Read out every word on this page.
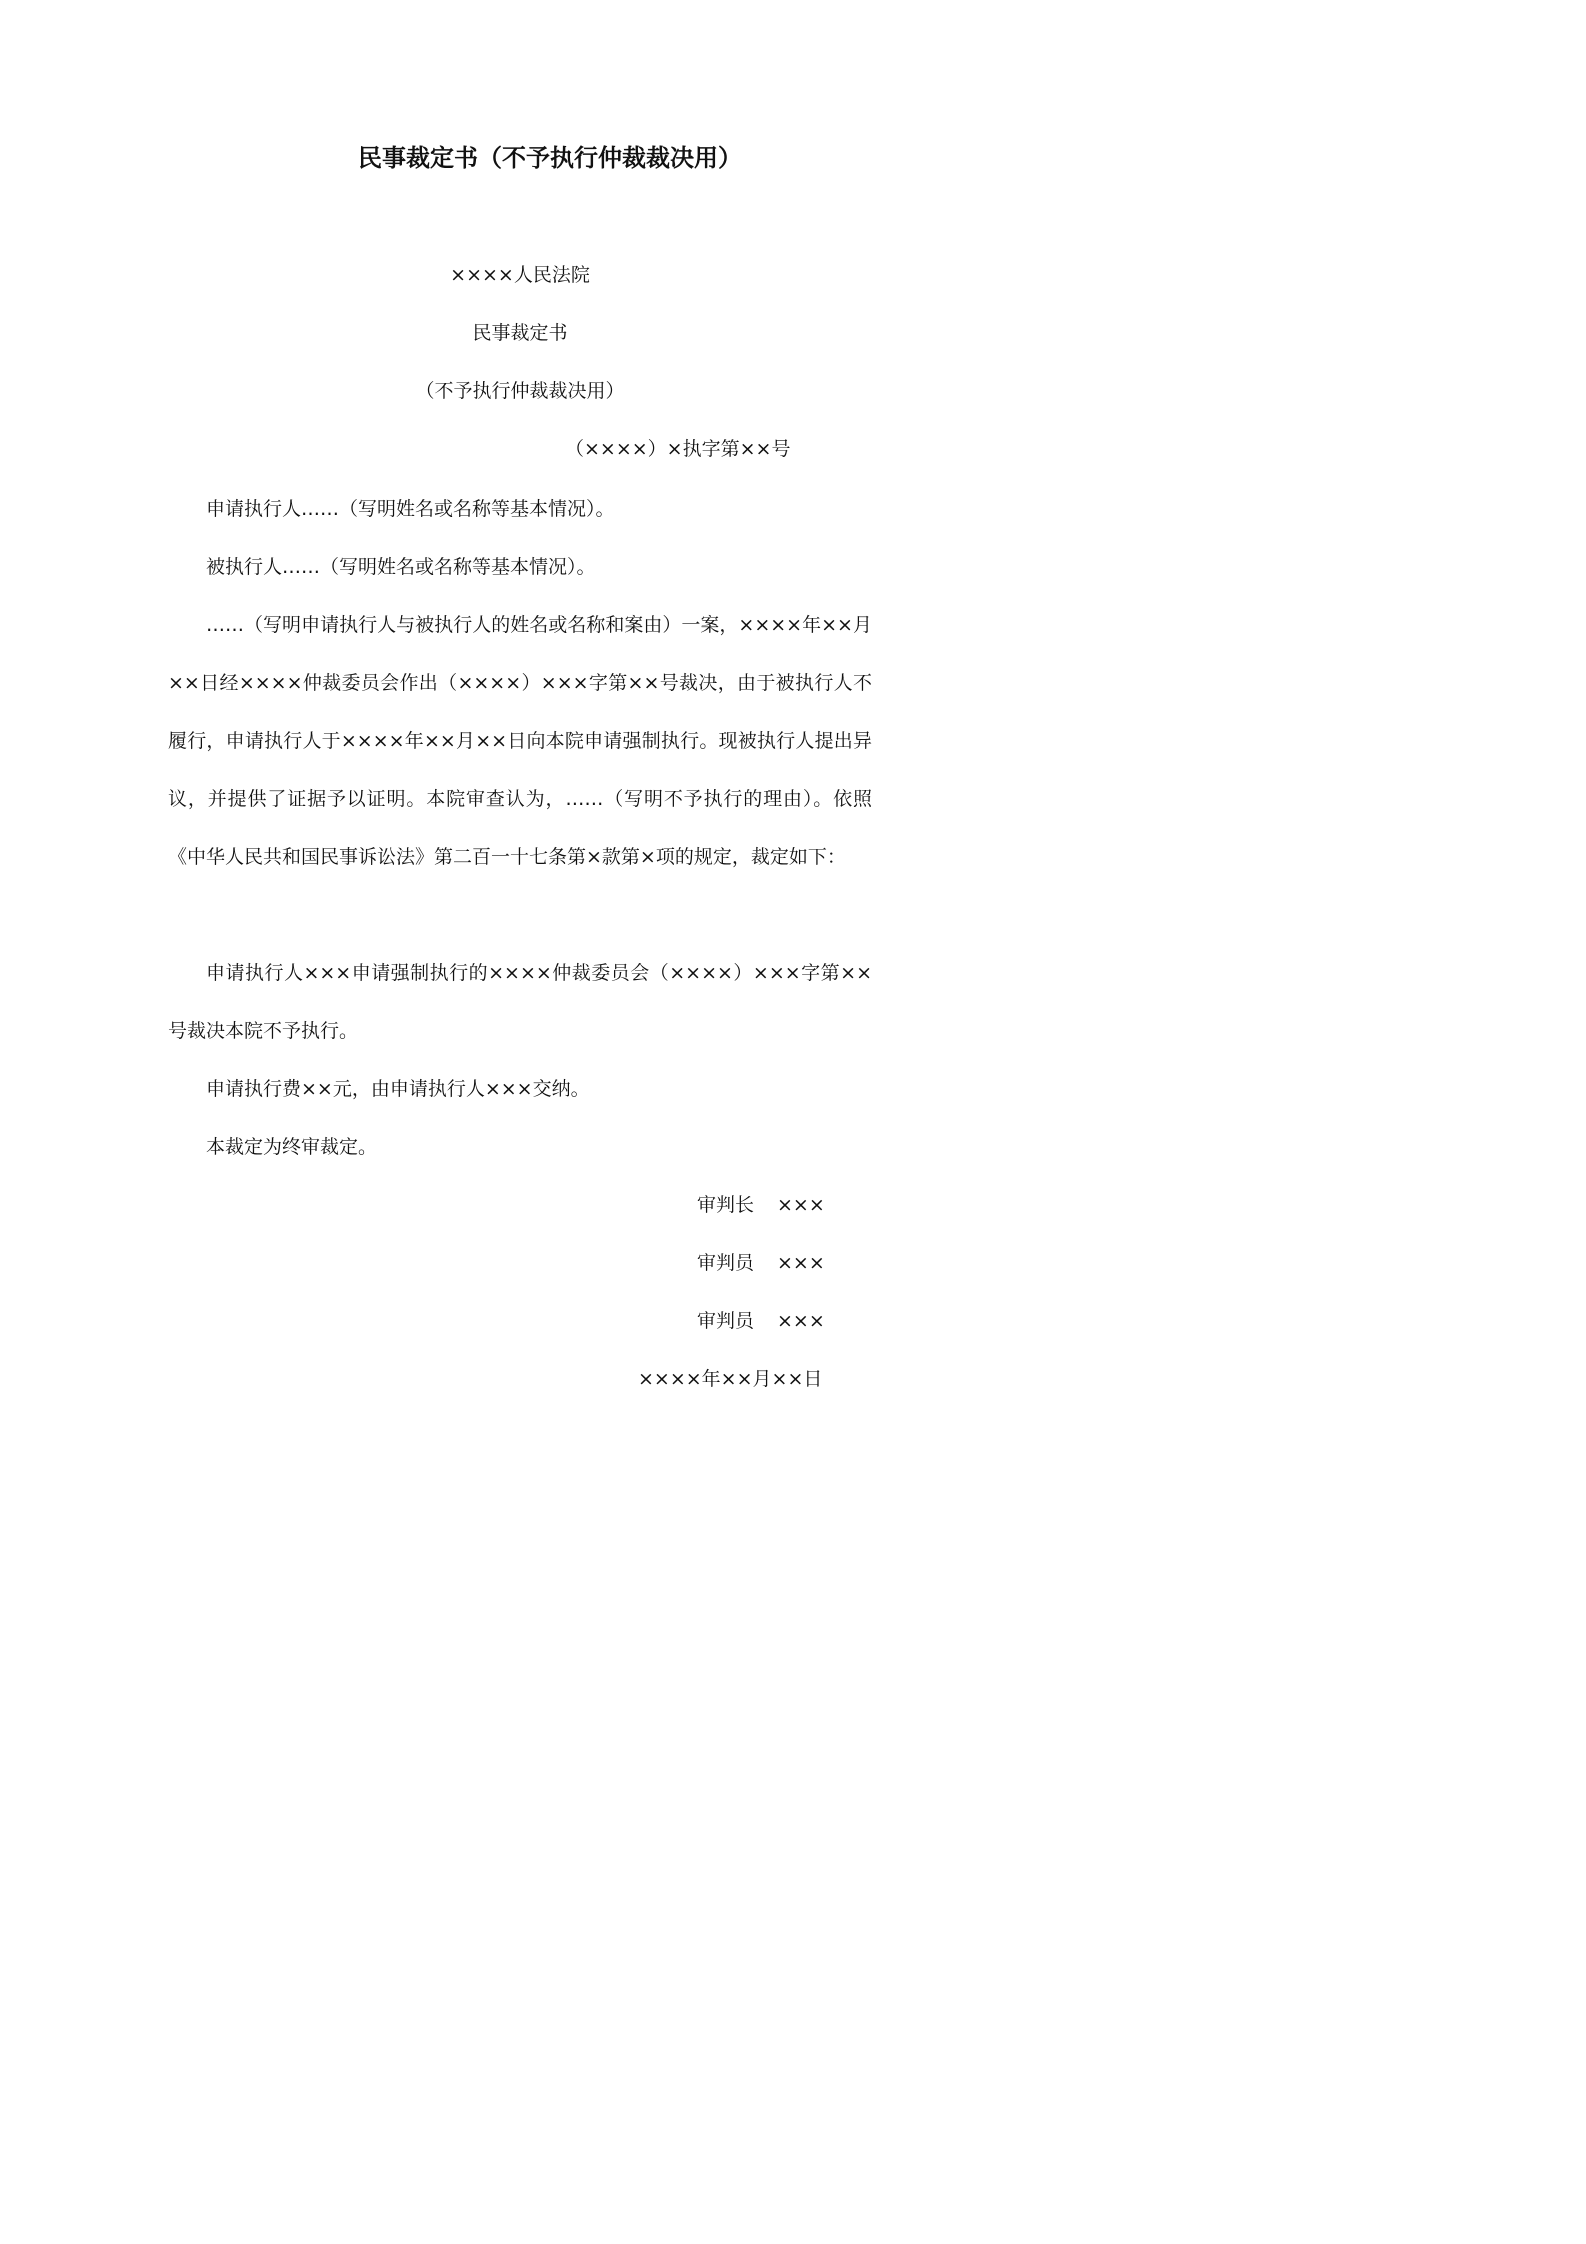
民事裁定书（不予执行仲裁裁决用）
××××人民法院
民事裁定书
（不予执行仲裁裁决用）
（××××）×执字第××号
申请执行人……（写明姓名或名称等基本情况）。
被执行人……（写明姓名或名称等基本情况）。
……（写明申请执行人与被执行人的姓名或名称和案由）一案，××××年××月××日经××××仲裁委员会作出（××××）×××字第××号裁决，由于被执行人不履行，申请执行人于××××年××月××日向本院申请强制执行。现被执行人提出异议，并提供了证据予以证明。本院审查认为，……（写明不予执行的理由）。依照《中华人民共和国民事诉讼法》第二百一十七条第×款第×项的规定，裁定如下：
申请执行人×××申请强制执行的××××仲裁委员会（××××）×××字第××号裁决本院不予执行。
申请执行费××元，由申请执行人×××交纳。
本裁定为终审裁定。
审判长 ×××
审判员 ×××
审判员 ×××
××××年××月××日
